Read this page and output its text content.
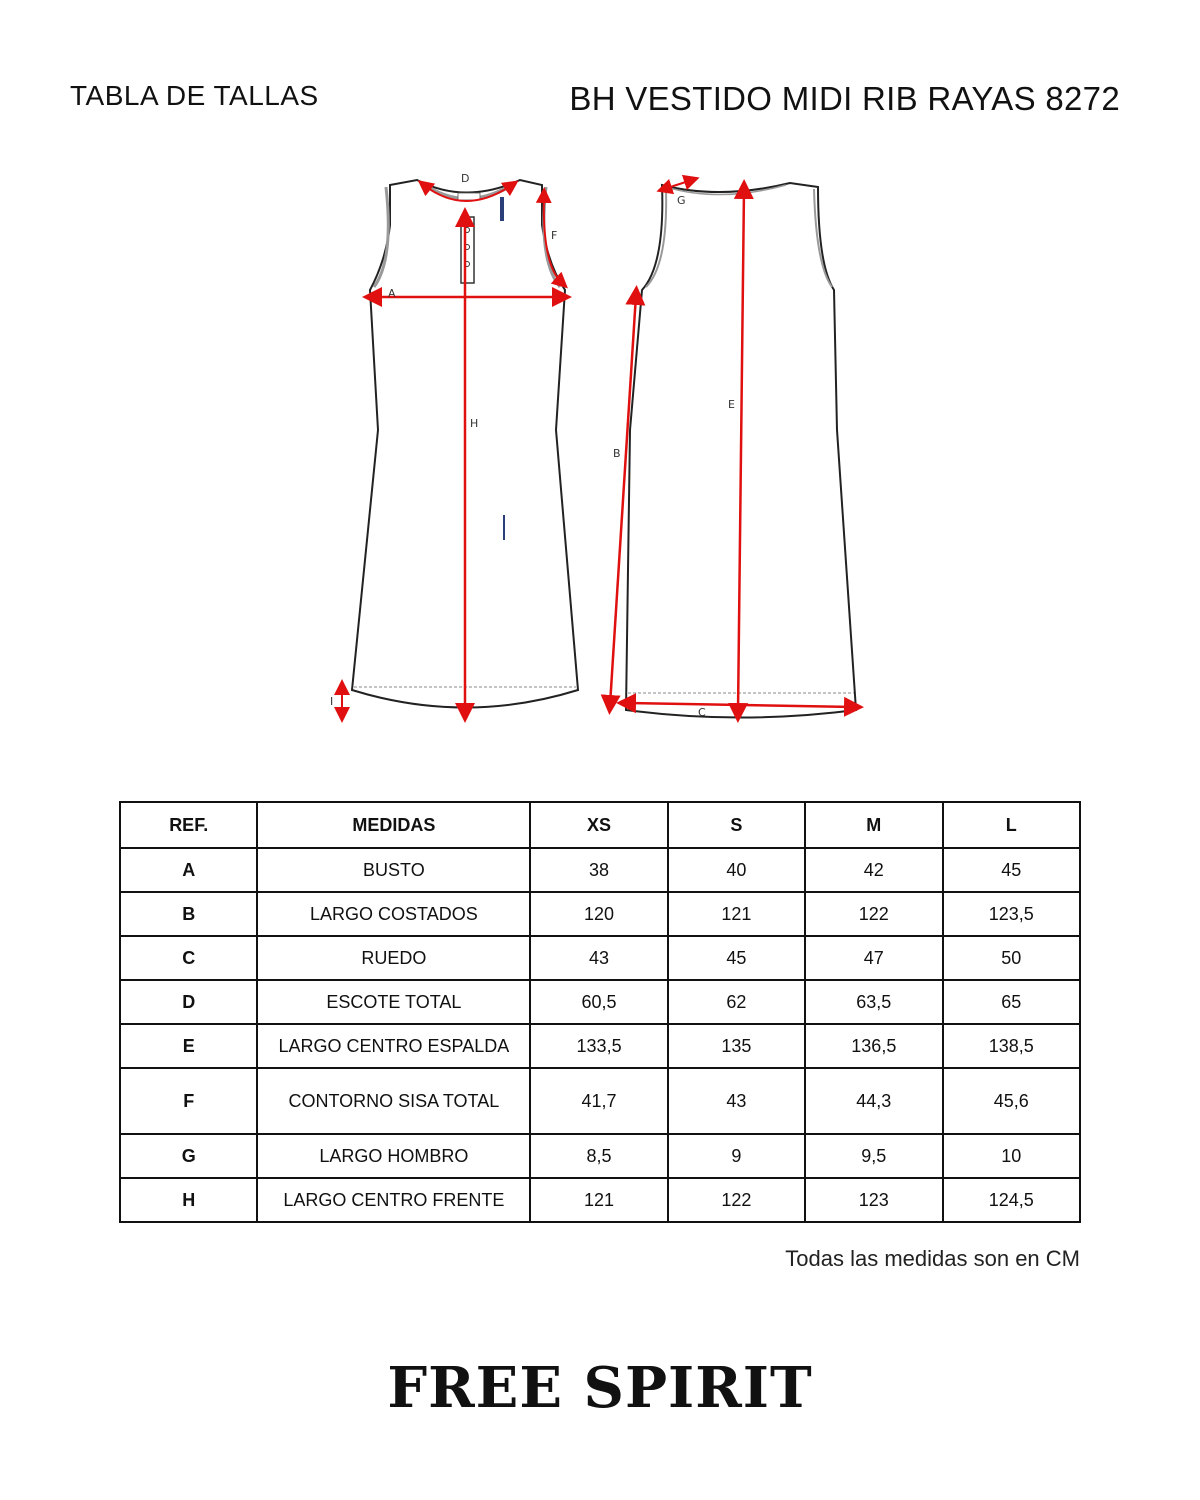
TABLA DE TALLAS	BH VESTIDO MIDI RIB RAYAS 8272
A
H
D
F
I
G
E
B
C
REF.	MEDIDAS	XS	S	M	L
A	BUSTO	38	40	42	45
B	LARGO COSTADOS	120	121	122	123,5
C	RUEDO	43	45	47	50
D	ESCOTE TOTAL	60,5	62	63,5	65
E	LARGO CENTRO ESPALDA	133,5	135	136,5	138,5
F	CONTORNO SISA TOTAL	41,7	43	44,3	45,6
G	LARGO HOMBRO	8,5	9	9,5	10
H	LARGO CENTRO FRENTE	121	122	123	124,5
Todas las medidas son en CM
FREE SPIRIT
